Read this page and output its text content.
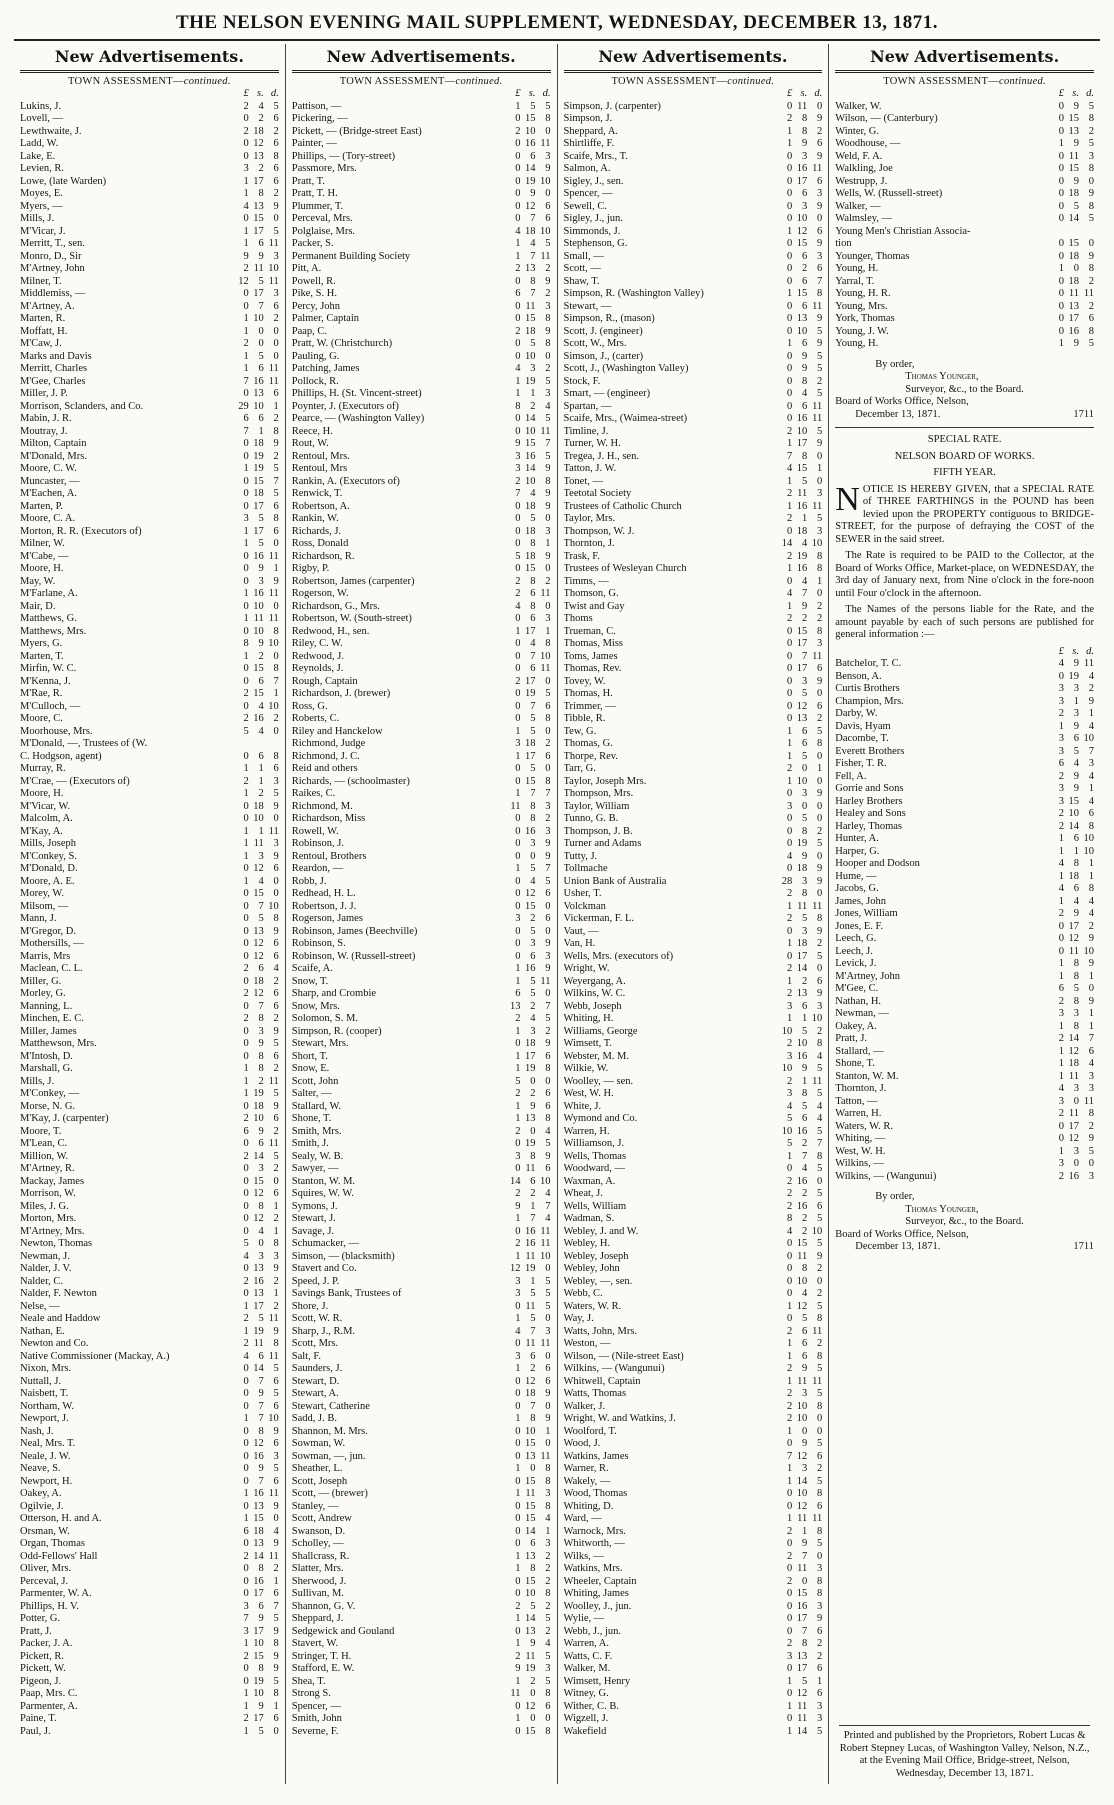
THE NELSON EVENING MAIL SUPPLEMENT, WEDNESDAY, DECEMBER 13, 1871.
New Advertisements.
TOWN ASSESSMENT—continued.
£ s. d.
Lukins, J.	2 4 5
Lovell, —	0 2 6
Lewthwaite, J.	2 18 2
Ladd, W.	0 12 6
Lake, E.	0 13 8
Levien, R.	3 2 6
Lowe, (late Warden)	1 17 6
Moyes, E.	1 8 2
Myers, —	4 13 9
Mills, J.	0 15 0
M'Vicar, J.	1 17 5
Merritt, T., sen.	1 6 11
Monro, D., Sir	9 9 3
M'Artney, John	2 11 10
Milner, T.	12 5 11
Middlemiss, —	0 17 3
M'Artney, A.	0 7 6
Marten, R.	1 10 2
Moffatt, H.	1 0 0
M'Caw, J.	2 0 0
Marks and Davis	1 5 0
Merritt, Charles	1 6 11
M'Gee, Charles	7 16 11
Miller, J. P.	0 13 6
Morrison, Sclanders, and Co.	29 10 1
Mabin, J. R.	6 6 2
Moutray, J.	7 1 8
Milton, Captain	0 18 9
M'Donald, Mrs.	0 19 2
Moore, C. W.	1 19 5
Muncaster, —	0 15 7
M'Eachen, A.	0 18 5
Marten, P.	0 17 6
Moore, C. A.	3 5 8
Morton, R. R. (Executors of)	1 17 6
Milner, W.	1 5 0
M'Cabe, —	0 16 11
Moore, H.	0 9 1
May, W.	0 3 9
M'Farlane, A.	1 16 11
Mair, D.	0 10 0
Matthews, G.	1 11 11
Matthews, Mrs.	0 10 8
Myers, G.	8 9 10
Marten, T.	1 2 0
Mirfin, W. C.	0 15 8
M'Kenna, J.	0 6 7
M'Rae, R.	2 15 1
M'Culloch, —	0 4 10
Moore, C.	2 16 2
Moorhouse, Mrs.	5 4 0
M'Donald, —, Trustees of (W.
C. Hodgson, agent)	0 6 8
Murray, R.	1 1 6
M'Crae, — (Executors of)	2 1 3
Moore, H.	1 2 5
M'Vicar, W.	0 18 9
Malcolm, A.	0 10 0
M'Kay, A.	1 1 11
Mills, Joseph	1 11 3
M'Conkey, S.	1 3 9
M'Donald, D.	0 12 6
Moore, A. E.	1 4 0
Morey, W.	0 15 0
Milsom, —	0 7 10
Mann, J.	0 5 8
M'Gregor, D.	0 13 9
Mothersills, —	0 12 6
Marris, Mrs	0 12 6
Maclean, C. L.	2 6 4
Miller, G.	0 18 2
Morley, G.	2 12 6
Manning, L.	0 7 6
Minchen, E. C.	2 8 2
Miller, James	0 3 9
Matthewson, Mrs.	0 9 5
M'Intosh, D.	0 8 6
Marshall, G.	1 8 2
Mills, J.	1 2 11
M'Conkey, —	1 19 5
Morse, N. G.	0 18 9
M'Kay, J. (carpenter)	2 10 6
Moore, T.	6 9 2
M'Lean, C.	0 6 11
Million, W.	2 14 5
M'Artney, R.	0 3 2
Mackay, James	0 15 0
Morrison, W.	0 12 6
Miles, J. G.	0 8 1
Morton, Mrs.	0 12 2
M'Artney, Mrs.	0 4 1
Newton, Thomas	5 0 8
Newman, J.	4 3 3
Nalder, J. V.	0 13 9
Nalder, C.	2 16 2
Nalder, F. Newton	0 13 1
Nelse, —	1 17 2
Neale and Haddow	2 5 11
Nathan, E.	1 19 9
Newton and Co.	2 11 8
Native Commissioner (Mackay, A.)	4 6 11
Nixon, Mrs.	0 14 5
Nuttall, J.	0 7 6
Naisbett, T.	0 9 5
Northam, W.	0 7 6
Newport, J.	1 7 10
Nash, J.	0 8 9
Neal, Mrs. T.	0 12 6
Neale, J. W.	0 16 3
Neave, S.	0 9 5
Newport, H.	0 7 6
Oakey, A.	1 16 11
Ogilvie, J.	0 13 9
Otterson, H. and A.	1 15 0
Orsman, W.	6 18 4
Organ, Thomas	0 13 9
Odd-Fellows' Hall	2 14 11
Oliver, Mrs.	0 8 2
Perceval, J.	0 16 1
Parmenter, W. A.	0 17 6
Phillips, H. V.	3 6 7
Potter, G.	7 9 5
Pratt, J.	3 17 9
Packer, J. A.	1 10 8
Pickett, R.	2 15 9
Pickett, W.	0 8 9
Pigeon, J.	0 19 5
Paap, Mrs. C.	1 10 8
Parmenter, A.	1 9 1
Paine, T.	2 17 6
Paul, J.	1 5 0
New Advertisements.
TOWN ASSESSMENT—continued.
£ s. d.
Pattison, —	1 5 5
Pickering, —	0 15 8
Pickett, — (Bridge-street East)	2 10 0
Painter, —	0 16 11
Phillips, — (Tory-street)	0 6 3
Passmore, Mrs.	0 14 9
Pratt, T.	0 19 10
Pratt, T. H.	0 9 0
Plummer, T.	0 12 6
Perceval, Mrs.	0 7 6
Polglaise, Mrs.	4 18 10
Packer, S.	1 4 5
Permanent Building Society	1 7 11
Pitt, A.	2 13 2
Powell, R.	0 8 9
Pike, S. H.	6 7 2
Percy, John	0 11 3
Palmer, Captain	0 15 8
Paap, C.	2 18 9
Pratt, W. (Christchurch)	0 5 8
Pauling, G.	0 10 0
Patching, James	4 3 2
Pollock, R.	1 19 5
Phillips, H. (St. Vincent-street)	1 1 3
Poynter, J. (Executors of)	8 2 4
Pearce, — (Washington Valley)	0 14 5
Reece, H.	0 10 11
Rout, W.	9 15 7
Rentoul, Mrs.	3 16 5
Rentoul, Mrs	3 14 9
Rankin, A. (Executors of)	2 10 8
Renwick, T.	7 4 9
Robertson, A.	0 18 9
Rankin, W.	0 5 0
Richards, J.	0 18 3
Ross, Donald	0 8 1
Richardson, R.	5 18 9
Rigby, P.	0 15 0
Robertson, James (carpenter)	2 8 2
Rogerson, W.	2 6 11
Richardson, G., Mrs.	4 8 0
Robertson, W. (South-street)	0 6 3
Redwood, H., sen.	1 17 1
Riley, C. W.	0 4 8
Redwood, J.	0 7 10
Reynolds, J.	0 6 11
Rough, Captain	2 17 0
Richardson, J. (brewer)	0 19 5
Ross, G.	0 7 6
Roberts, C.	0 5 8
Riley and Hanckelow	1 5 0
Richmond, Judge	3 18 2
Richmond, J. C.	1 17 6
Reid and others	0 5 0
Richards, — (schoolmaster)	0 15 8
Raikes, C.	1 7 7
Richmond, M.	11 8 3
Richardson, Miss	0 8 2
Rowell, W.	0 16 3
Robinson, J.	0 3 9
Rentoul, Brothers	0 0 9
Reardon, —	1 5 7
Robb, J.	0 4 5
Redhead, H. L.	0 12 6
Robertson, J. J.	0 15 0
Rogerson, James	3 2 6
Robinson, James (Beechville)	0 5 0
Robinson, S.	0 3 9
Robinson, W. (Russell-street)	0 6 3
Scaife, A.	1 16 9
Snow, T.	1 5 11
Sharp, and Crombie	6 5 0
Snow, Mrs.	13 2 7
Solomon, S. M.	2 4 5
Simpson, R. (cooper)	1 3 2
Stewart, Mrs.	0 18 9
Short, T.	1 17 6
Snow, E.	1 19 8
Scott, John	5 0 0
Salter, —	2 2 6
Stallard, W.	1 9 6
Shone, T.	1 13 8
Smith, Mrs.	2 0 4
Smith, J.	0 19 5
Sealy, W. B.	3 8 9
Sawyer, —	0 11 6
Stanton, W. M.	14 6 10
Squires, W. W.	2 2 4
Symons, J.	9 1 7
Stewart, J.	1 7 4
Savage, J.	0 16 11
Schumacker, —	2 16 11
Simson, — (blacksmith)	1 11 10
Stavert and Co.	12 19 0
Speed, J. P.	3 1 5
Savings Bank, Trustees of	3 5 5
Shore, J.	0 11 5
Scott, W. R.	1 5 0
Sharp, J., R.M.	4 7 3
Scott, Mrs.	0 11 11
Salt, F.	3 6 0
Saunders, J.	1 2 6
Stewart, D.	0 12 6
Stewart, A.	0 18 9
Stewart, Catherine	0 7 0
Sadd, J. B.	1 8 9
Shannon, M. Mrs.	0 10 1
Sowman, W.	0 15 0
Sowman, —, jun.	0 13 11
Sheather, L.	1 0 8
Scott, Joseph	0 15 8
Scott, — (brewer)	1 11 3
Stanley, —	0 15 8
Scott, Andrew	0 15 4
Swanson, D.	0 14 1
Scholley, —	0 6 3
Shallcrass, R.	1 13 2
Slatter, Mrs.	1 8 2
Sherwood, J.	0 15 2
Sullivan, M.	0 10 8
Shannon, G. V.	2 5 2
Sheppard, J.	1 14 5
Sedgewick and Gouland	0 13 2
Stavert, W.	1 9 4
Stringer, T. H.	2 11 5
Stafford, E. W.	9 19 3
Shea, T.	1 2 5
Strong S.	11 0 8
Spencer, —	0 12 6
Smith, John	1 0 0
Severne, F.	0 15 8
New Advertisements.
TOWN ASSESSMENT—continued.
£ s. d.
Simpson, J. (carpenter)	0 11 0
Simpson, J.	2 8 9
Sheppard, A.	1 8 2
Shirtliffe, F.	1 9 6
Scaife, Mrs., T.	0 3 9
Salmon, A.	0 16 11
Sigley, J., sen.	0 17 6
Spencer, —	0 6 3
Sewell, C.	0 3 9
Sigley, J., jun.	0 10 0
Simmonds, J.	1 12 6
Stephenson, G.	0 15 9
Small, —	0 6 3
Scott, —	0 2 6
Shaw, T.	0 6 7
Simpson, R. (Washington Valley)	1 15 8
Stewart, —	0 6 11
Simpson, R., (mason)	0 13 9
Scott, J. (engineer)	0 10 5
Scott, W., Mrs.	1 6 9
Simson, J., (carter)	0 9 5
Scott, J., (Washington Valley)	0 9 5
Stock, F.	0 8 2
Smart, — (engineer)	0 4 5
Spartan, —	0 6 11
Scaife, Mrs., (Waimea-street)	0 16 11
Timline, J.	2 10 5
Turner, W. H.	1 17 9
Tregea, J. H., sen.	7 8 0
Tatton, J. W.	4 15 1
Tonet, —	1 5 0
Teetotal Society	2 11 3
Trustees of Catholic Church	1 16 11
Taylor, Mrs.	2 1 5
Thompson, W. J.	0 18 3
Thornton, J.	14 4 10
Trask, F.	2 19 8
Trustees of Wesleyan Church	1 16 8
Timms, —	0 4 1
Thomson, G.	4 7 0
Twist and Gay	1 9 2
Thoms	2 2 2
Trueman, C.	0 15 8
Thomas, Miss	0 17 3
Toms, James	0 7 11
Thomas, Rev.	0 17 6
Tovey, W.	0 3 9
Thomas, H.	0 5 0
Trimmer, —	0 12 6
Tibble, R.	0 13 2
Tew, G.	1 6 5
Thomas, G.	1 6 8
Thorpe, Rev.	1 5 0
Tarr, G.	2 0 1
Taylor, Joseph Mrs.	1 10 0
Thompson, Mrs.	0 3 9
Taylor, William	3 0 0
Tunno, G. B.	0 5 0
Thompson, J. B.	0 8 2
Turner and Adams	0 19 5
Tutty, J.	4 9 0
Tollmache	0 18 9
Union Bank of Australia	28 3 9
Usher, T.	2 8 0
Volckman	1 11 11
Vickerman, F. L.	2 5 8
Vaut, —	0 3 9
Van, H.	1 18 2
Wells, Mrs. (executors of)	0 17 5
Wright, W.	2 14 0
Weyergang, A.	1 2 6
Wilkins, W. C.	2 13 9
Webb, Joseph	3 6 3
Whiting, H.	1 1 10
Williams, George	10 5 2
Wimsett, T.	2 10 8
Webster, M. M.	3 16 4
Wilkie, W.	10 9 5
Woolley, — sen.	2 1 11
West, W. H.	3 8 5
White, J.	4 5 4
Wymond and Co.	5 6 4
Warren, H.	10 16 5
Williamson, J.	5 2 7
Wells, Thomas	1 7 8
Woodward, —	0 4 5
Waxman, A.	2 16 0
Wheat, J.	2 2 5
Wells, William	2 16 6
Wadman, S.	8 2 5
Webley, J. and W.	4 2 10
Webley, H.	0 15 5
Webley, Joseph	0 11 9
Webley, John	0 8 2
Webley, —, sen.	0 10 0
Webb, C.	0 4 2
Waters, W. R.	1 12 5
Way, J.	0 5 8
Watts, John, Mrs.	2 6 11
Weston, —	1 6 2
Wilson, — (Nile-street East)	1 6 8
Wilkins, — (Wangunui)	2 9 5
Whitwell, Captain	1 11 11
Watts, Thomas	2 3 5
Walker, J.	2 10 8
Wright, W. and Watkins, J.	2 10 0
Woolford, T.	1 0 0
Wood, J.	0 9 5
Watkins, James	7 12 6
Warner, R.	1 3 2
Wakely, —	1 14 5
Wood, Thomas	0 10 8
Whiting, D.	0 12 6
Ward, —	1 11 11
Warnock, Mrs.	2 1 8
Whitworth, —	0 9 5
Wilks, —	2 7 0
Watkins, Mrs.	0 11 3
Wheeler, Captain	2 0 8
Whiting, James	0 15 8
Woolley, J., jun.	0 16 3
Wylie, —	0 17 9
Webb, J., jun.	0 7 6
Warren, A.	2 8 2
Watts, C. F.	3 13 2
Walker, M.	0 17 6
Wimsett, Henry	1 5 1
Witney, G.	0 12 6
Wither, C. B.	1 11 3
Wigzell, J.	0 11 3
Wakefield	1 14 5
New Advertisements.
TOWN ASSESSMENT—continued.
£ s. d.
Walker, W.	0 9 5
Wilson, — (Canterbury)	0 15 8
Winter, G.	0 13 2
Woodhouse, —	1 9 5
Weld, F. A.	0 11 3
Walkling, Joe	0 15 8
Westrupp, J.	0 9 0
Wells, W. (Russell-street)	0 18 9
Walker, —	0 5 8
Walmsley, —	0 14 5
Young Men's Christian Associa-
tion	0 15 0
Younger, Thomas	0 18 9
Young, H.	1 0 8
Yarral, T.	0 18 2
Young, H. R.	0 11 11
Young, Mrs.	0 13 2
York, Thomas	0 17 6
Young, J. W.	0 16 8
Young, H.	1 9 5
By order,
Thomas Younger,
Surveyor, &c., to the Board.
Board of Works Office, Nelson,
December 13, 1871.	1711
SPECIAL RATE.
NELSON BOARD OF WORKS.
FIFTH YEAR.
NOTICE IS HEREBY GIVEN, that a SPECIAL RATE of THREE FARTHINGS in the POUND has been levied upon the PROPERTY contiguous to BRIDGE-STREET, for the purpose of defraying the COST of the SEWER in the said street.
The Rate is required to be PAID to the Collector, at the Board of Works Office, Market-place, on WEDNESDAY, the 3rd day of January next, from Nine o'clock in the fore-noon until Four o'clock in the afternoon.
The Names of the persons liable for the Rate, and the amount payable by each of such persons are published for general information :—
£ s. d.
Batchelor, T. C.	4 9 11
Benson, A.	0 19 4
Curtis Brothers	3 3 2
Champion, Mrs.	3 1 9
Darby, W.	2 3 1
Davis, Hyam	1 9 4
Dacombe, T.	3 6 10
Everett Brothers	3 5 7
Fisher, T. R.	6 4 3
Fell, A.	2 9 4
Gorrie and Sons	3 9 1
Harley Brothers	3 15 4
Healey and Sons	2 10 6
Harley, Thomas	2 14 8
Hunter, A.	1 6 10
Harper, G.	1 1 10
Hooper and Dodson	4 8 1
Hume, —	1 18 1
Jacobs, G.	4 6 8
James, John	1 4 4
Jones, William	2 9 4
Jones, E. F.	0 17 2
Leech, G.	0 12 9
Leech, J.	0 11 10
Levick, J.	1 8 9
M'Artney, John	1 8 1
M'Gee, C.	6 5 0
Nathan, H.	2 8 9
Newman, —	3 3 1
Oakey, A.	1 8 1
Pratt, J.	2 14 7
Stallard, —	1 12 6
Shone, T.	1 18 4
Stanton, W. M.	1 11 3
Thornton, J.	4 3 3
Tatton, —	3 0 11
Warren, H.	2 11 8
Waters, W. R.	0 17 2
Whiting, —	0 12 9
West, W. H.	1 3 5
Wilkins, —	3 0 0
Wilkins, — (Wangunui)	2 16 3
By order,
Thomas Younger,
Surveyor, &c., to the Board.
Board of Works Office, Nelson,
December 13, 1871.	1711
Printed and published by the Proprietors, Robert Lucas & Robert Stepney Lucas, of Washington Valley, Nelson, N.Z., at the Evening Mail Office, Bridge-street, Nelson, Wednesday, December 13, 1871.
